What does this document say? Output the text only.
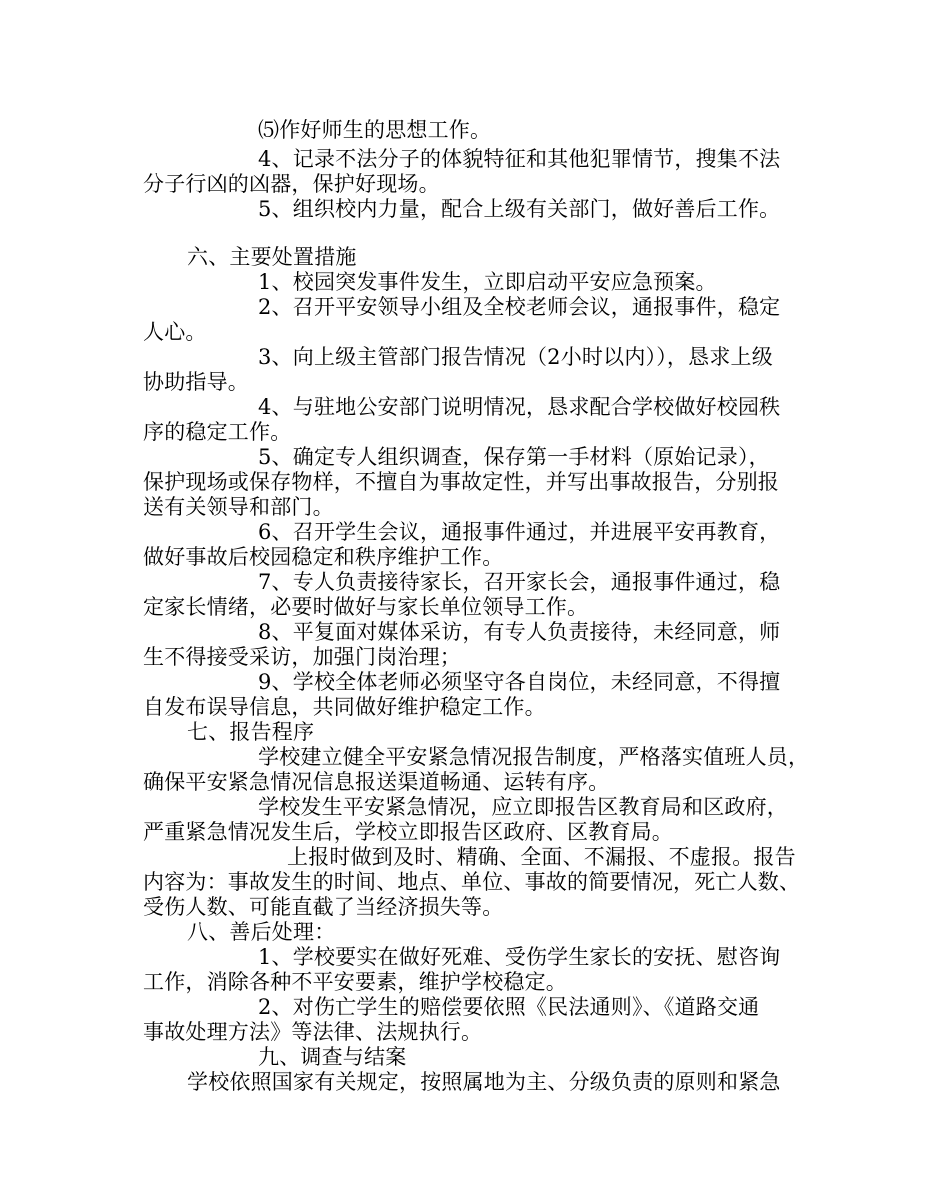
⑸作好师生的思想工作。
4、记录不法分子的体貌特征和其他犯罪情节，搜集不法
分子行凶的凶器，保护好现场。
5、组织校内力量，配合上级有关部门，做好善后工作。
六、主要处置措施
1、校园突发事件发生，立即启动平安应急预案。
2、召开平安领导小组及全校老师会议，通报事件，稳定
人心。
3、向上级主管部门报告情况（2小时以内）），恳求上级
协助指导。
4、与驻地公安部门说明情况，恳求配合学校做好校园秩
序的稳定工作。
5、确定专人组织调查，保存第一手材料（原始记录），
保护现场或保存物样，不擅自为事故定性，并写出事故报告，分别报
送有关领导和部门。
6、召开学生会议，通报事件通过，并进展平安再教育，
做好事故后校园稳定和秩序维护工作。
7、专人负责接待家长，召开家长会，通报事件通过，稳
定家长情绪，必要时做好与家长单位领导工作。
8、平复面对媒体采访，有专人负责接待，未经同意，师
生不得接受采访，加强门岗治理；
9、学校全体老师必须坚守各自岗位，未经同意，不得擅
自发布误导信息，共同做好维护稳定工作。
七、报告程序
学校建立健全平安紧急情况报告制度，严格落实值班人员，
确保平安紧急情况信息报送渠道畅通、运转有序。
学校发生平安紧急情况，应立即报告区教育局和区政府，
严重紧急情况发生后，学校立即报告区政府、区教育局。
上报时做到及时、精确、全面、不漏报、不虚报。报告
内容为：事故发生的时间、地点、单位、事故的简要情况，死亡人数、
受伤人数、可能直截了当经济损失等。
八、善后处理：
1、学校要实在做好死难、受伤学生家长的安抚、慰咨询
工作，消除各种不平安要素，维护学校稳定。
2、对伤亡学生的赔偿要依照《民法通则》、《道路交通
事故处理方法》等法律、法规执行。
九、调查与结案
学校依照国家有关规定，按照属地为主、分级负责的原则和紧急
